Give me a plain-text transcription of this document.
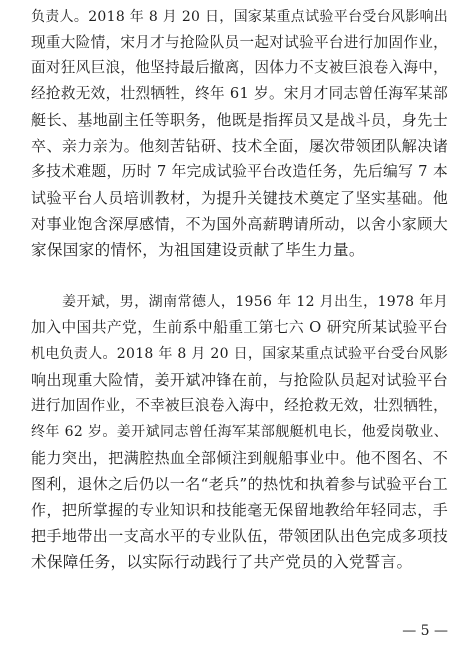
负责人。2018 年 8 月 20 日，国家某重点试验平台受台风影响出
现重大险情，宋月才与抢险队员一起对试验平台进行加固作业，
面对狂风巨浪，他坚持最后撤离，因体力不支被巨浪卷入海中，
经抢救无效，壮烈牺牲，终年 61 岁。宋月才同志曾任海军某部
艇长、基地副主任等职务，他既是指挥员又是战斗员，身先士
卒、亲力亲为。他刻苦钻研、技术全面，屡次带领团队解决诸
多技术难题，历时 7 年完成试验平台改造任务，先后编写 7 本
试验平台人员培训教材，为提升关键技术奠定了坚实基础。他
对事业饱含深厚感情，不为国外高薪聘请所动，以舍小家顾大
家保国家的情怀，为祖国建设贡献了毕生力量。
姜开斌，男，湖南常德人，1956 年 12 月出生，1978 年月
加入中国共产党，生前系中船重工第七六 O 研究所某试验平台
机电负责人。2018 年 8 月 20 日，国家某重点试验平台受台风影
响出现重大险情，姜开斌冲锋在前，与抢险队员起对试验平台
进行加固作业，不幸被巨浪卷入海中，经抢救无效，壮烈牺牲，
终年 62 岁。姜开斌同志曾任海军某部舰艇机电长，他爱岗敬业、
能力突出，把满腔热血全部倾注到舰船事业中。他不图名、不
图利，退休之后仍以一名“老兵”的热忱和执着参与试验平台工
作，把所掌握的专业知识和技能毫无保留地教给年轻同志，手
把手地带出一支高水平的专业队伍，带领团队出色完成多项技
术保障任务，以实际行动践行了共产党员的入党誓言。
— 5 —
